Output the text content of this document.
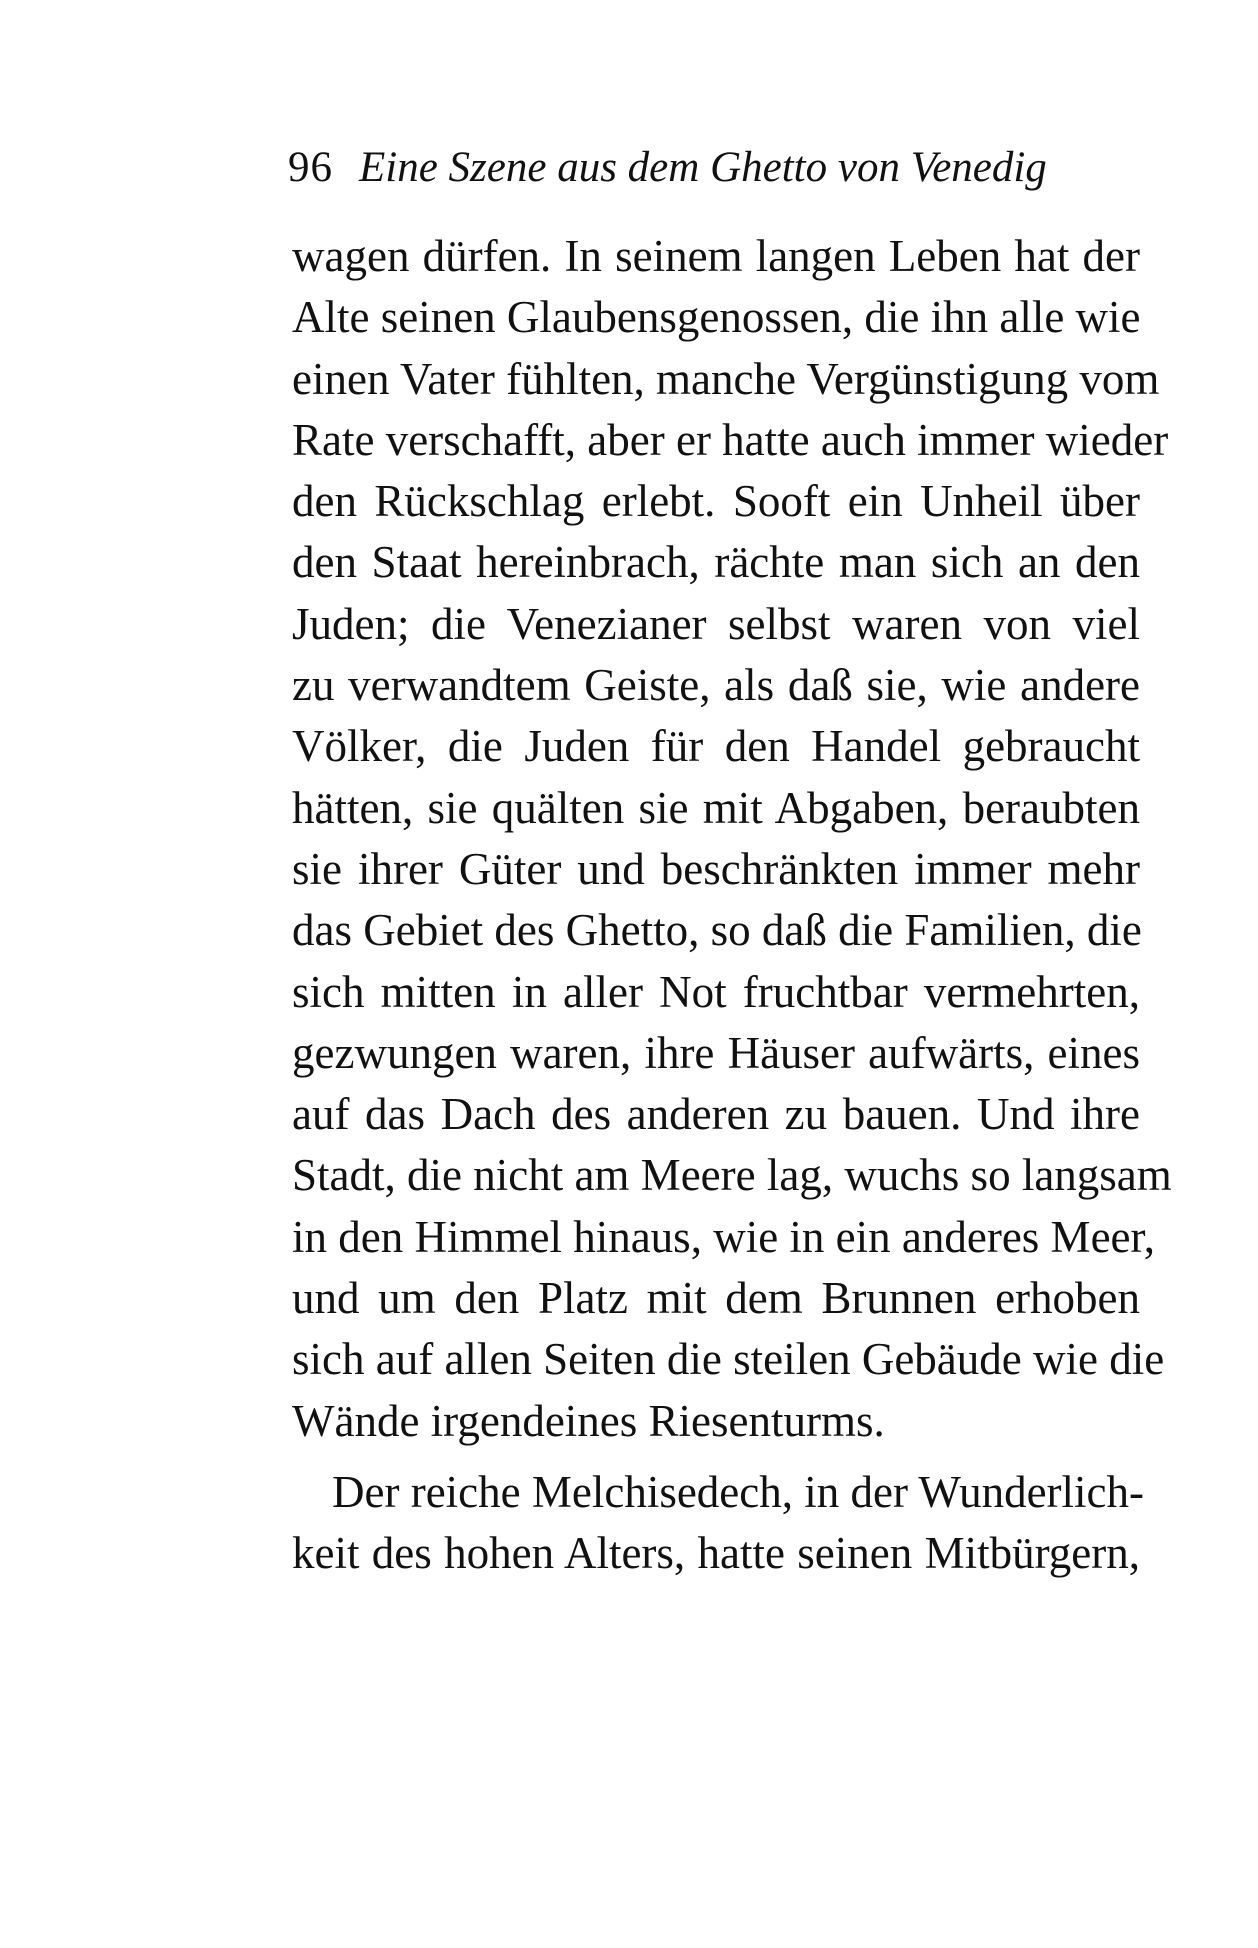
96 Eine Szene aus dem Ghetto von Venedig
wagen dürfen. In seinem langen Leben hat der
Alte seinen Glaubensgenossen, die ihn alle wie
einen Vater fühlten, manche Vergünstigung vom
Rate verschafft, aber er hatte auch immer wieder
den Rückschlag erlebt. Sooft ein Unheil über
den Staat hereinbrach, rächte man sich an den
Juden; die Venezianer selbst waren von viel
zu verwandtem Geiste, als daß sie, wie andere
Völker, die Juden für den Handel gebraucht
hätten, sie quälten sie mit Abgaben, beraubten
sie ihrer Güter und beschränkten immer mehr
das Gebiet des Ghetto, so daß die Familien, die
sich mitten in aller Not fruchtbar vermehrten,
gezwungen waren, ihre Häuser aufwärts, eines
auf das Dach des anderen zu bauen. Und ihre
Stadt, die nicht am Meere lag, wuchs so langsam
in den Himmel hinaus, wie in ein anderes Meer,
und um den Platz mit dem Brunnen erhoben
sich auf allen Seiten die steilen Gebäude wie die
Wände irgendeines Riesenturms.
Der reiche Melchisedech, in der Wunderlich-
keit des hohen Alters, hatte seinen Mitbürgern,
